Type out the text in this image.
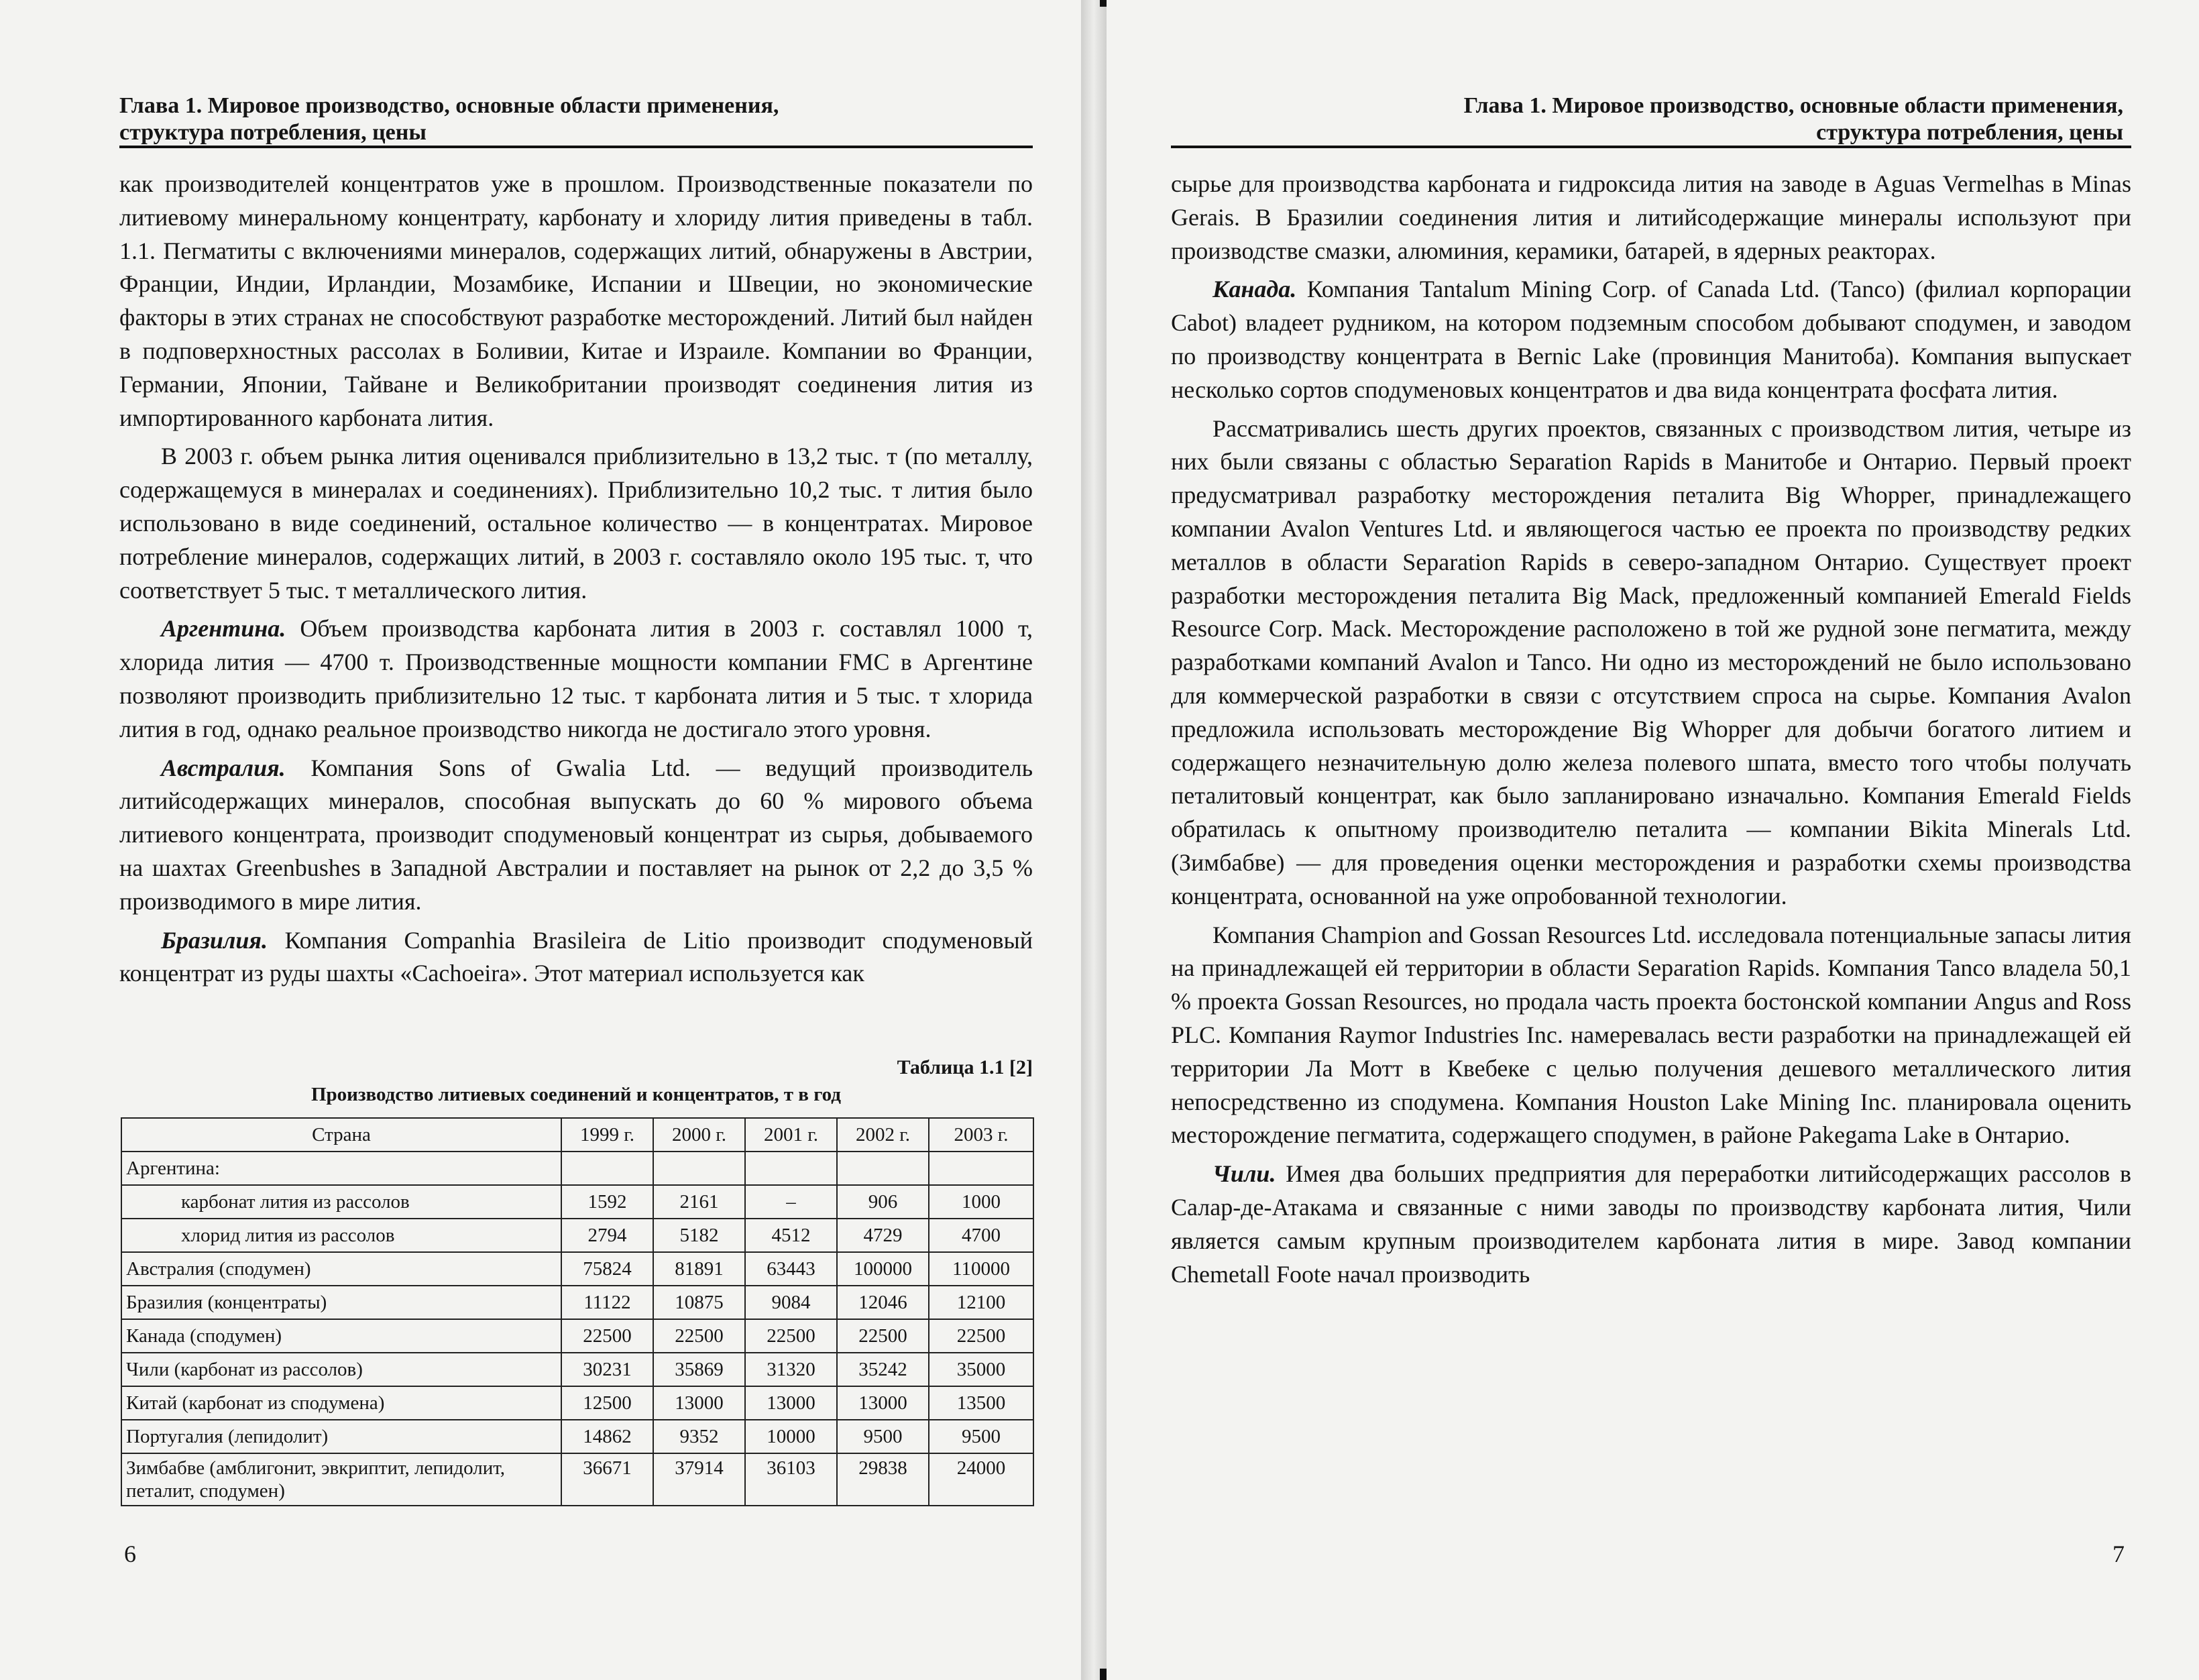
Глава 1. Мировое производство, основные области применения,
структура потребления, цены

как производителей концентратов уже в прошлом. Производственные показатели по литиевому минеральному концентрату, карбонату и хлориду лития приведены в табл. 1.1. Пегматиты с включениями минералов, содержащих литий, обнаружены в Австрии, Франции, Индии, Ирландии, Мозамбике, Испании и Швеции, но экономические факторы в этих странах не способствуют разработке месторождений. Литий был найден в подповерхностных рассолах в Боливии, Китае и Израиле. Компании во Франции, Германии, Японии, Тайване и Великобритании производят соединения лития из импортированного карбоната лития.

В 2003 г. объем рынка лития оценивался приблизительно в 13,2 тыс. т (по металлу, содержащемуся в минералах и соединениях). Приблизительно 10,2 тыс. т лития было использовано в виде соединений, остальное количество — в концентратах. Мировое потребление минералов, содержащих литий, в 2003 г. составляло около 195 тыс. т, что соответствует 5 тыс. т металлического лития.

Аргентина. Объем производства карбоната лития в 2003 г. составлял 1000 т, хлорида лития — 4700 т. Производственные мощности компании FMC в Аргентине позволяют производить приблизительно 12 тыс. т карбоната лития и 5 тыс. т хлорида лития в год, однако реальное производство никогда не достигало этого уровня.

Австралия. Компания Sons of Gwalia Ltd. — ведущий производитель литийсодержащих минералов, способная выпускать до 60 % мирового объема литиевого концентрата, производит сподуменовый концентрат из сырья, добываемого на шахтах Greenbushes в Западной Австралии и поставляет на рынок от 2,2 до 3,5 % производимого в мире лития.

Бразилия. Компания Companhia Brasileira de Litio производит сподуменовый концентрат из руды шахты «Cachoeira». Этот материал используется как

Таблица 1.1 [2]
Производство литиевых соединений и концентратов, т в год
Страна	1999 г.	2000 г.	2001 г.	2002 г.	2003 г.
Аргентина:					
карбонат лития из рассолов	1592	2161	–	906	1000
хлорид лития из рассолов	2794	5182	4512	4729	4700
Австралия (сподумен)	75824	81891	63443	100000	110000
Бразилия (концентраты)	11122	10875	9084	12046	12100
Канада (сподумен)	22500	22500	22500	22500	22500
Чили (карбонат из рассолов)	30231	35869	31320	35242	35000
Китай (карбонат из сподумена)	12500	13000	13000	13000	13500
Португалия (лепидолит)	14862	9352	10000	9500	9500
Зимбабве (амблигонит, эвкриптит, лепидолит, петалит, сподумен)	36671	37914	36103	29838	24000
6
Глава 1. Мировое производство, основные области применения,
структура потребления, цены

сырье для производства карбоната и гидроксида лития на заводе в Aguas Vermelhas в Minas Gerais. В Бразилии соединения лития и литийсодержащие минералы используют при производстве смазки, алюминия, керамики, батарей, в ядерных реакторах.

Канада. Компания Tantalum Mining Corp. of Canada Ltd. (Tanco) (филиал корпорации Cabot) владеет рудником, на котором подземным способом добывают сподумен, и заводом по производству концентрата в Bernic Lake (провинция Манитоба). Компания выпускает несколько сортов сподуменовых концентратов и два вида концентрата фосфата лития.

Рассматривались шесть других проектов, связанных с производством лития, четыре из них были связаны с областью Separation Rapids в Манитобе и Онтарио. Первый проект предусматривал разработку месторождения петалита Big Whopper, принадлежащего компании Avalon Ventures Ltd. и являющегося частью ее проекта по производству редких металлов в области Separation Rapids в северо-западном Онтарио. Существует проект разработки месторождения петалита Big Mack, предложенный компанией Emerald Fields Resource Corp. Mack. Месторождение расположено в той же рудной зоне пегматита, между разработками компаний Avalon и Tanco. Ни одно из месторождений не было использовано для коммерческой разработки в связи с отсутствием спроса на сырье. Компания Avalon предложила использовать месторождение Big Whopper для добычи богатого литием и содержащего незначительную долю железа полевого шпата, вместо того чтобы получать петалитовый концентрат, как было запланировано изначально. Компания Emerald Fields обратилась к опытному производителю петалита — компании Bikita Minerals Ltd. (Зимбабве) — для проведения оценки месторождения и разработки схемы производства концентрата, основанной на уже опробованной технологии.

Компания Champion and Gossan Resources Ltd. исследовала потенциальные запасы лития на принадлежащей ей территории в области Separation Rapids. Компания Tanco владела 50,1 % проекта Gossan Resources, но продала часть проекта бостонской компании Angus and Ross PLC. Компания Raymor Industries Inc. намеревалась вести разработки на принадлежащей ей территории Ла Мотт в Квебеке с целью получения дешевого металлического лития непосредственно из сподумена. Компания Houston Lake Mining Inc. планировала оценить месторождение пегматита, содержащего сподумен, в районе Pakegama Lake в Онтарио.

Чили. Имея два больших предприятия для переработки литийсодержащих рассолов в Салар-де-Атакама и связанные с ними заводы по производству карбоната лития, Чили является самым крупным производителем карбоната лития в мире. Завод компании Chemetall Foote начал производить

7
